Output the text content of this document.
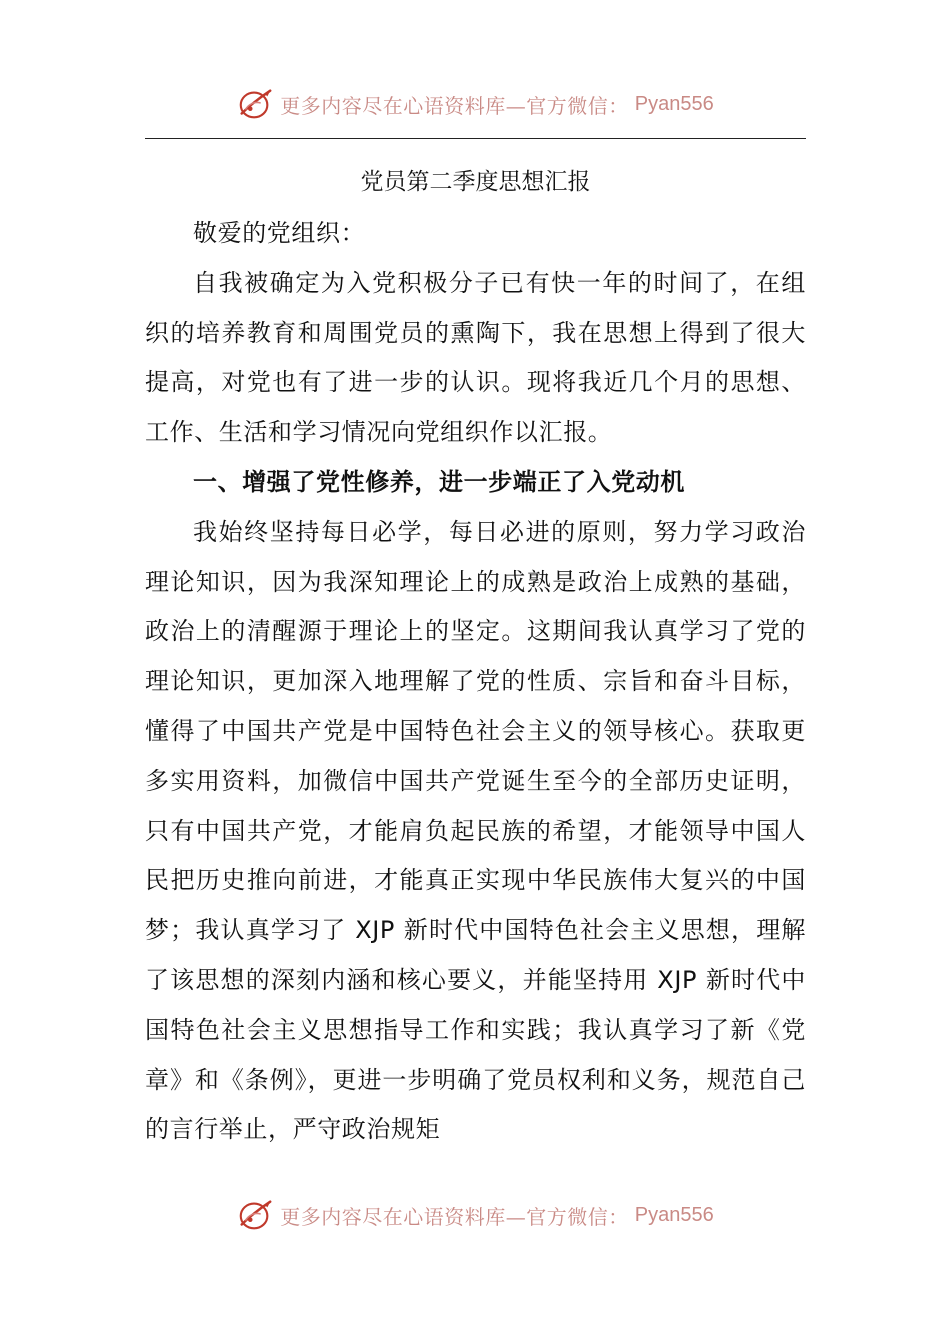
更多内容尽在心语资料库—官方微信： Pyan556
党员第二季度思想汇报

敬爱的党组织：

自我被确定为入党积极分子已有快一年的时间了，在组织的培养教育和周围党员的熏陶下，我在思想上得到了很大提高，对党也有了进一步的认识。现将我近几个月的思想、工作、生活和学习情况向党组织作以汇报。

一、增强了党性修养，进一步端正了入党动机

我始终坚持每日必学，每日必进的原则，努力学习政治理论知识，因为我深知理论上的成熟是政治上成熟的基础，政治上的清醒源于理论上的坚定。这期间我认真学习了党的理论知识，更加深入地理解了党的性质、宗旨和奋斗目标，懂得了中国共产党是中国特色社会主义的领导核心。获取更多实用资料，加微信中国共产党诞生至今的全部历史证明，只有中国共产党，才能肩负起民族的希望，才能领导中国人民把历史推向前进，才能真正实现中华民族伟大复兴的中国梦；我认真学习了 XJP 新时代中国特色社会主义思想，理解了该思想的深刻内涵和核心要义，并能坚持用 XJP 新时代中国特色社会主义思想指导工作和实践；我认真学习了新《党章》和《条例》，更进一步明确了党员权利和义务，规范自己的言行举止，严守政治规矩

更多内容尽在心语资料库—官方微信： Pyan556
